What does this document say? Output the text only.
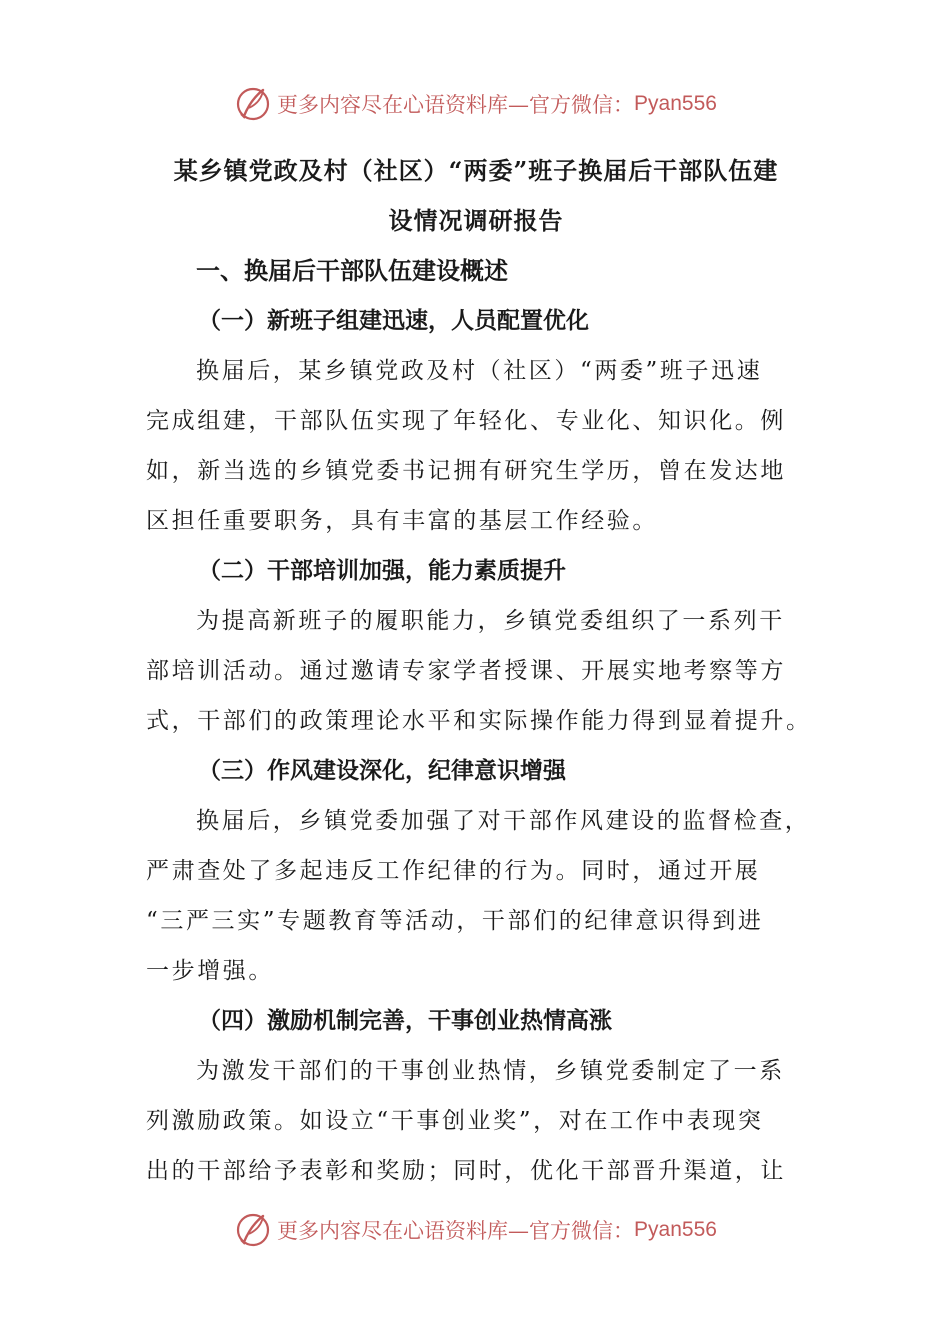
更多内容尽在心语资料库—官方微信： Pyan556
某乡镇党政及村（社区）“两委”班子换届后干部队伍建
设情况调研报告
一、换届后干部队伍建设概述
（一）新班子组建迅速，人员配置优化

换届后，某乡镇党政及村（社区）“两委”班子迅速
完成组建，干部队伍实现了年轻化、专业化、知识化。例
如，新当选的乡镇党委书记拥有研究生学历，曾在发达地
区担任重要职务，具有丰富的基层工作经验。

（二）干部培训加强，能力素质提升

为提高新班子的履职能力，乡镇党委组织了一系列干
部培训活动。通过邀请专家学者授课、开展实地考察等方
式，干部们的政策理论水平和实际操作能力得到显着提升。

（三）作风建设深化，纪律意识增强

换届后，乡镇党委加强了对干部作风建设的监督检查，
严肃查处了多起违反工作纪律的行为。同时，通过开展
“三严三实”专题教育等活动，干部们的纪律意识得到进
一步增强。

（四）激励机制完善，干事创业热情高涨

为激发干部们的干事创业热情，乡镇党委制定了一系
列激励政策。如设立“干事创业奖”，对在工作中表现突
出的干部给予表彰和奖励；同时，优化干部晋升渠道，让

更多内容尽在心语资料库—官方微信： Pyan556
